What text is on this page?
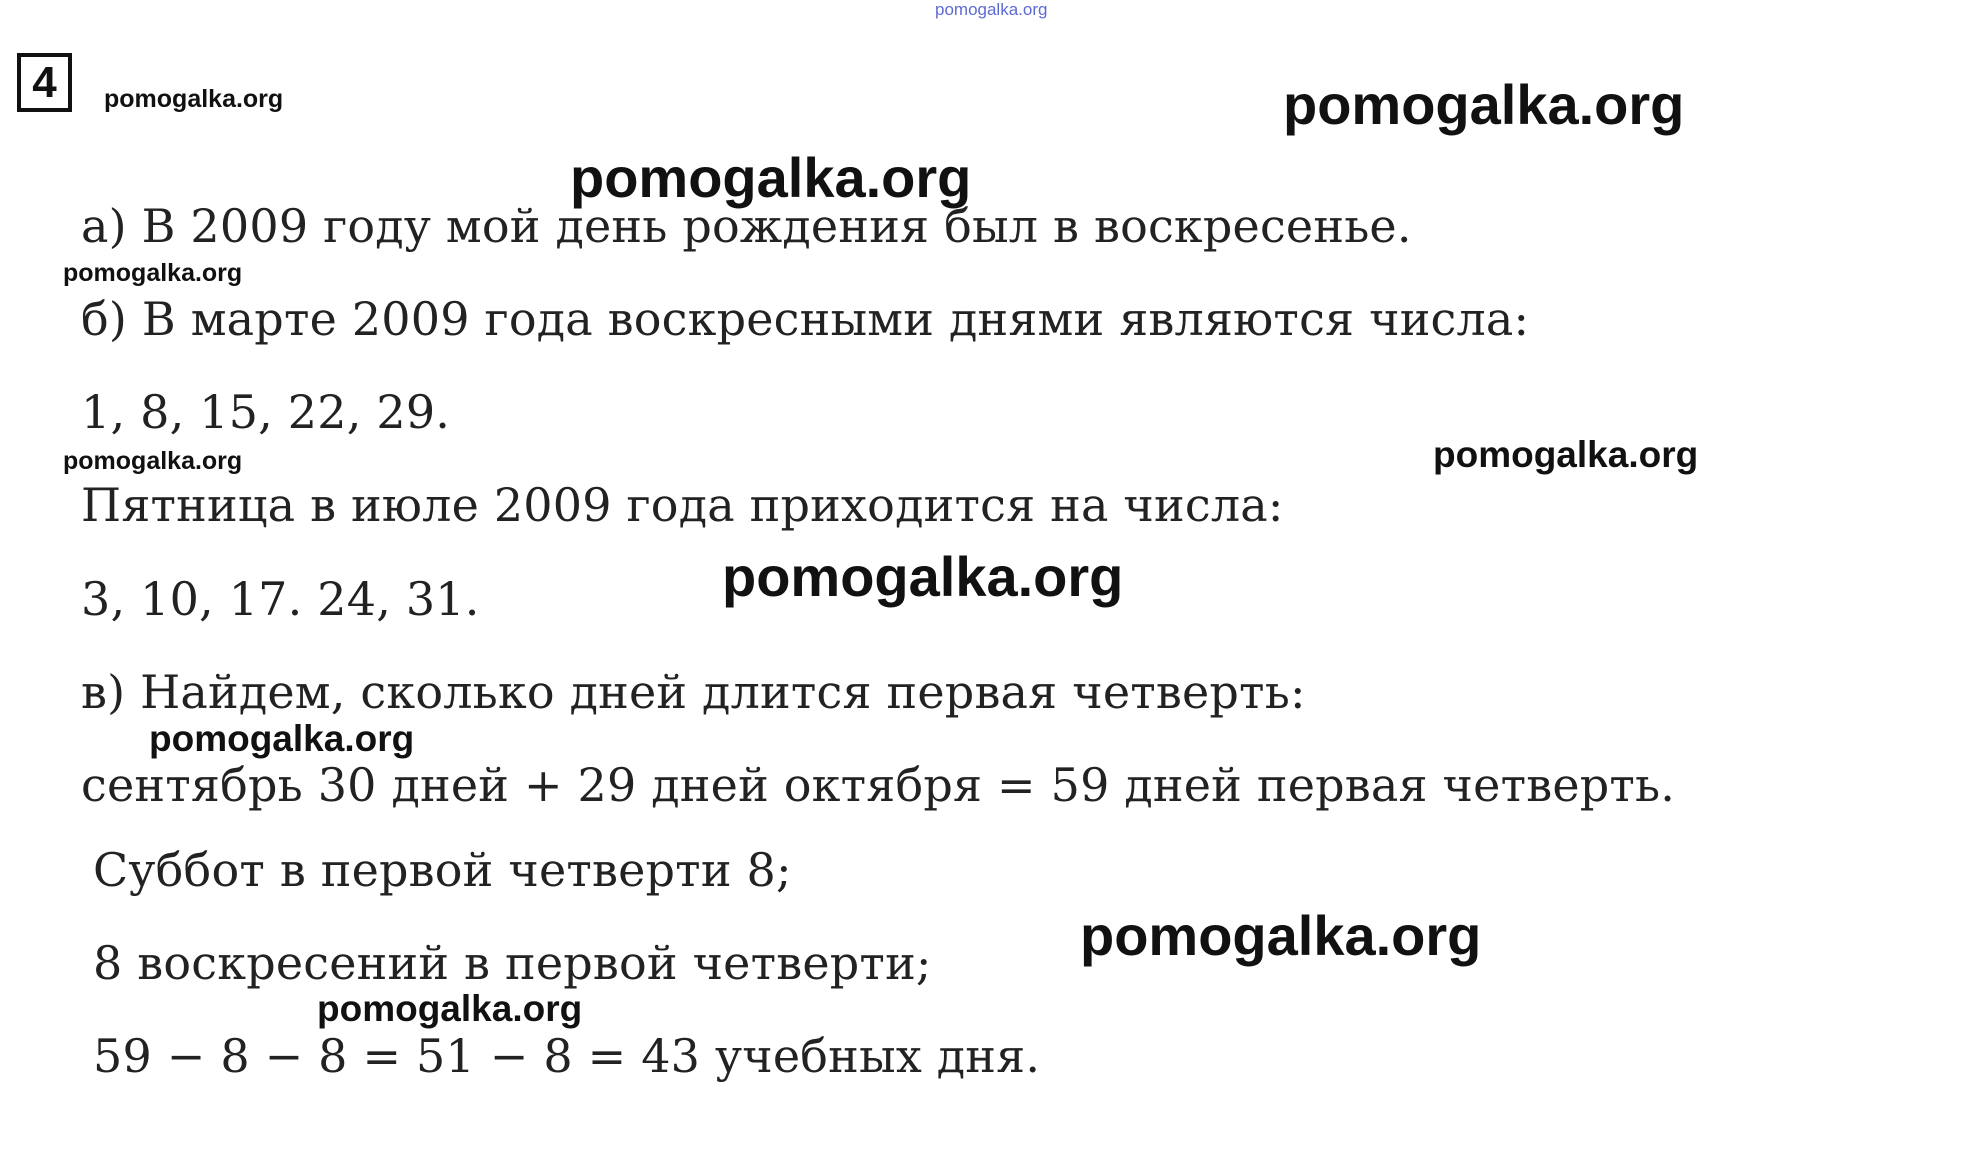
pomogalka.org
4	pomogalka.org	pomogalka.org
pomogalka.org
pomogalka.org
pomogalka.org	pomogalka.org
pomogalka.org
pomogalka.org
pomogalka.org
pomogalka.org
а) В 2009 году мой день рождения был в воскресенье.
б) В марте 2009 года воскресными днями являются числа:
1, 8, 15, 22, 29.
Пятница в июле 2009 года приходится на числа:
3, 10, 17. 24, 31.
в) Найдем, сколько дней длится первая четверть:
сентябрь 30 дней + 29 дней октября = 59 дней первая четверть.
Суббот в первой четверти 8;
8 воскресений в первой четверти;
59 − 8 − 8 = 51 − 8 = 43 учебных дня.
